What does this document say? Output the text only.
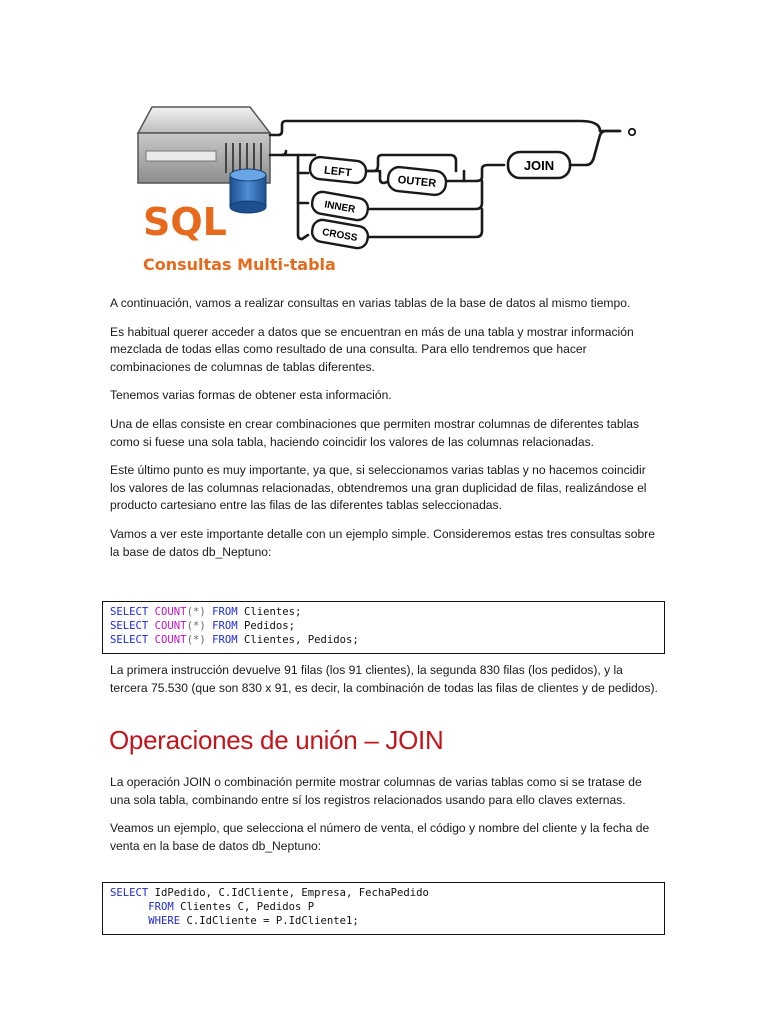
LEFT
OUTER
JOIN
INNER
CROSS
SQL
Consultas Multi-tabla

A continuación, vamos a realizar consultas en varias tablas de la base de datos al mismo tiempo.

Es habitual querer acceder a datos que se encuentran en más de una tabla y mostrar información mezclada de todas ellas como resultado de una consulta. Para ello tendremos que hacer combinaciones de columnas de tablas diferentes.

Tenemos varias formas de obtener esta información.

Una de ellas consiste en crear combinaciones que permiten mostrar columnas de diferentes tablas como si fuese una sola tabla, haciendo coincidir los valores de las columnas relacionadas.

Este último punto es muy importante, ya que, si seleccionamos varias tablas y no hacemos coincidir los valores de las columnas relacionadas, obtendremos una gran duplicidad de filas, realizándose el producto cartesiano entre las filas de las diferentes tablas seleccionadas.

Vamos a ver este importante detalle con un ejemplo simple. Consideremos estas tres consultas sobre la base de datos db_Neptuno:

SELECT COUNT(*) FROM Clientes;
SELECT COUNT(*) FROM Pedidos;
SELECT COUNT(*) FROM Clientes, Pedidos;

La primera instrucción devuelve 91 filas (los 91 clientes), la segunda 830 filas (los pedidos), y la tercera 75.530 (que son 830 x 91, es decir, la combinación de todas las filas de clientes y de pedidos).

Operaciones de unión – JOIN

La operación JOIN o combinación permite mostrar columnas de varias tablas como si se tratase de una sola tabla, combinando entre sí los registros relacionados usando para ello claves externas.

Veamos un ejemplo, que selecciona el número de venta, el código y nombre del cliente y la fecha de venta en la base de datos db_Neptuno:

SELECT IdPedido, C.IdCliente, Empresa, FechaPedido
FROM Clientes C, Pedidos P
WHERE C.IdCliente = P.IdCliente1;
